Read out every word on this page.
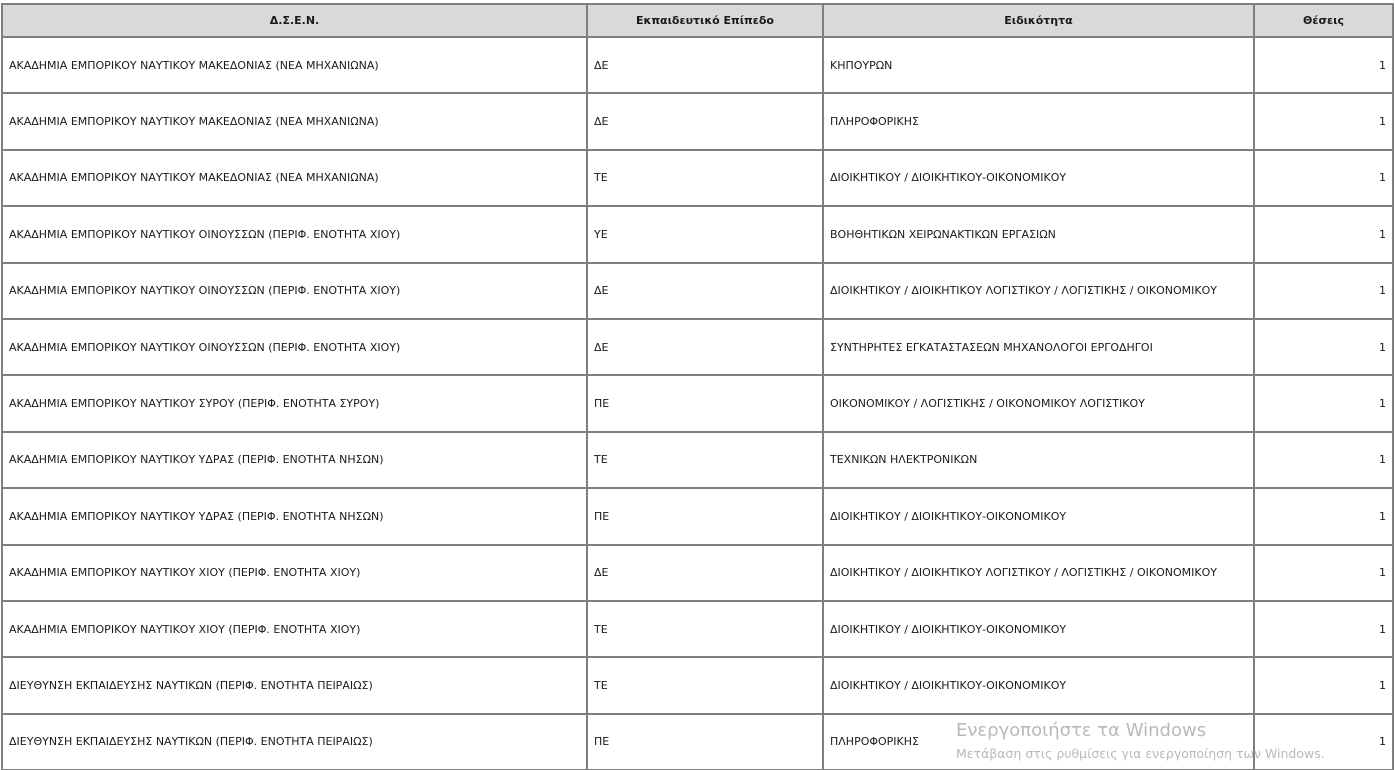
Δ.Σ.Ε.Ν.	Εκπαιδευτικό Επίπεδο	Ειδικότητα	Θέσεις
ΑΚΑΔΗΜΙΑ ΕΜΠΟΡΙΚΟΥ ΝΑΥΤΙΚΟΥ ΜΑΚΕΔΟΝΙΑΣ (ΝΕΑ ΜΗΧΑΝΙΩΝΑ)	ΔΕ	ΚΗΠΟΥΡΩΝ	1
ΑΚΑΔΗΜΙΑ ΕΜΠΟΡΙΚΟΥ ΝΑΥΤΙΚΟΥ ΜΑΚΕΔΟΝΙΑΣ (ΝΕΑ ΜΗΧΑΝΙΩΝΑ)	ΔΕ	ΠΛΗΡΟΦΟΡΙΚΗΣ	1
ΑΚΑΔΗΜΙΑ ΕΜΠΟΡΙΚΟΥ ΝΑΥΤΙΚΟΥ ΜΑΚΕΔΟΝΙΑΣ (ΝΕΑ ΜΗΧΑΝΙΩΝΑ)	ΤΕ	ΔΙΟΙΚΗΤΙΚΟΥ / ΔΙΟΙΚΗΤΙΚΟΥ-ΟΙΚΟΝΟΜΙΚΟΥ	1
ΑΚΑΔΗΜΙΑ ΕΜΠΟΡΙΚΟΥ ΝΑΥΤΙΚΟΥ ΟΙΝΟΥΣΣΩΝ (ΠΕΡΙΦ. ΕΝΟΤΗΤΑ ΧΙΟΥ)	ΥΕ	ΒΟΗΘΗΤΙΚΩΝ ΧΕΙΡΩΝΑΚΤΙΚΩΝ ΕΡΓΑΣΙΩΝ	1
ΑΚΑΔΗΜΙΑ ΕΜΠΟΡΙΚΟΥ ΝΑΥΤΙΚΟΥ ΟΙΝΟΥΣΣΩΝ (ΠΕΡΙΦ. ΕΝΟΤΗΤΑ ΧΙΟΥ)	ΔΕ	ΔΙΟΙΚΗΤΙΚΟΥ / ΔΙΟΙΚΗΤΙΚΟΥ ΛΟΓΙΣΤΙΚΟΥ / ΛΟΓΙΣΤΙΚΗΣ / ΟΙΚΟΝΟΜΙΚΟΥ	1
ΑΚΑΔΗΜΙΑ ΕΜΠΟΡΙΚΟΥ ΝΑΥΤΙΚΟΥ ΟΙΝΟΥΣΣΩΝ (ΠΕΡΙΦ. ΕΝΟΤΗΤΑ ΧΙΟΥ)	ΔΕ	ΣΥΝΤΗΡΗΤΕΣ ΕΓΚΑΤΑΣΤΑΣΕΩΝ ΜΗΧΑΝΟΛΟΓΟΙ ΕΡΓΟΔΗΓΟΙ	1
ΑΚΑΔΗΜΙΑ ΕΜΠΟΡΙΚΟΥ ΝΑΥΤΙΚΟΥ ΣΥΡΟΥ (ΠΕΡΙΦ. ΕΝΟΤΗΤΑ ΣΥΡΟΥ)	ΠΕ	ΟΙΚΟΝΟΜΙΚΟΥ / ΛΟΓΙΣΤΙΚΗΣ / ΟΙΚΟΝΟΜΙΚΟΥ ΛΟΓΙΣΤΙΚΟΥ	1
ΑΚΑΔΗΜΙΑ ΕΜΠΟΡΙΚΟΥ ΝΑΥΤΙΚΟΥ ΥΔΡΑΣ (ΠΕΡΙΦ. ΕΝΟΤΗΤΑ ΝΗΣΩΝ)	ΤΕ	ΤΕΧΝΙΚΩΝ ΗΛΕΚΤΡΟΝΙΚΩΝ	1
ΑΚΑΔΗΜΙΑ ΕΜΠΟΡΙΚΟΥ ΝΑΥΤΙΚΟΥ ΥΔΡΑΣ (ΠΕΡΙΦ. ΕΝΟΤΗΤΑ ΝΗΣΩΝ)	ΠΕ	ΔΙΟΙΚΗΤΙΚΟΥ / ΔΙΟΙΚΗΤΙΚΟΥ-ΟΙΚΟΝΟΜΙΚΟΥ	1
ΑΚΑΔΗΜΙΑ ΕΜΠΟΡΙΚΟΥ ΝΑΥΤΙΚΟΥ ΧΙΟΥ (ΠΕΡΙΦ. ΕΝΟΤΗΤΑ ΧΙΟΥ)	ΔΕ	ΔΙΟΙΚΗΤΙΚΟΥ / ΔΙΟΙΚΗΤΙΚΟΥ ΛΟΓΙΣΤΙΚΟΥ / ΛΟΓΙΣΤΙΚΗΣ / ΟΙΚΟΝΟΜΙΚΟΥ	1
ΑΚΑΔΗΜΙΑ ΕΜΠΟΡΙΚΟΥ ΝΑΥΤΙΚΟΥ ΧΙΟΥ (ΠΕΡΙΦ. ΕΝΟΤΗΤΑ ΧΙΟΥ)	ΤΕ	ΔΙΟΙΚΗΤΙΚΟΥ / ΔΙΟΙΚΗΤΙΚΟΥ-ΟΙΚΟΝΟΜΙΚΟΥ	1
ΔΙΕΥΘΥΝΣΗ ΕΚΠΑΙΔΕΥΣΗΣ ΝΑΥΤΙΚΩΝ (ΠΕΡΙΦ. ΕΝΟΤΗΤΑ ΠΕΙΡΑΙΩΣ)	ΤΕ	ΔΙΟΙΚΗΤΙΚΟΥ / ΔΙΟΙΚΗΤΙΚΟΥ-ΟΙΚΟΝΟΜΙΚΟΥ	1
ΔΙΕΥΘΥΝΣΗ ΕΚΠΑΙΔΕΥΣΗΣ ΝΑΥΤΙΚΩΝ (ΠΕΡΙΦ. ΕΝΟΤΗΤΑ ΠΕΙΡΑΙΩΣ)	ΠΕ	ΠΛΗΡΟΦΟΡΙΚΗΣ	1
Ενεργοποιήστε τα Windows
Μετάβαση στις ρυθμίσεις για ενεργοποίηση των Windows.
